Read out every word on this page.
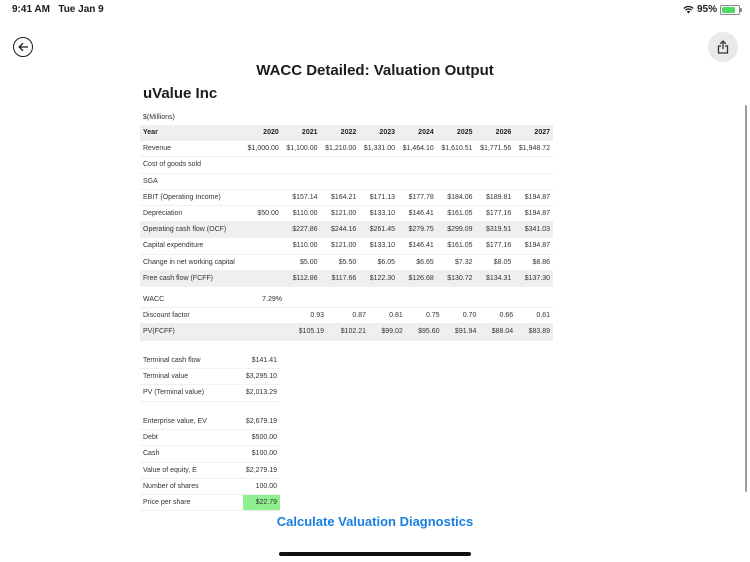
9:41 AM Tue Jan 9	95%
WACC Detailed: Valuation Output
uValue Inc
$(Millions)
Year	2020	2021	2022	2023	2024	2025	2026	2027
Revenue	$1,000.00	$1,100.00	$1,210.00	$1,331.00	$1,464.10	$1,610.51	$1,771.56	$1,948.72
Cost of goods sold								
SGA								
EBIT (Operating Income)		$157.14	$164.21	$171.13	$177.78	$184.06	$189.81	$194.87
Depreciation	$50.00	$110.00	$121.00	$133.10	$146.41	$161.05	$177.16	$194.87
Operating cash flow (OCF)		$227.86	$244.16	$261.45	$279.75	$299.09	$319.51	$341.03
Capital expenditure		$110.00	$121.00	$133.10	$146.41	$161.05	$177.16	$194.87
Change in net working capital		$5.00	$5.50	$6.05	$6.65	$7.32	$8.05	$8.86
Free cash flow (FCFF)		$112.86	$117.66	$122.30	$126.68	$130.72	$134.31	$137.30
WACC	7.29%							
Discount factor		0.93	0.87	0.81	0.75	0.70	0.66	0.61
PV(FCFF)		$105.19	$102.21	$99.02	$95.60	$91.94	$88.04	$83.89
Terminal cash flow	$141.41
Terminal value	$3,295.10
PV (Terminal value)	$2,013.29
Enterprise value, EV	$2,679.19
Debt	$500.00
Cash	$100.00
Value of equity, E	$2,279.19
Number of shares	100.00
Price per share	$22.79
Calculate Valuation Diagnostics
